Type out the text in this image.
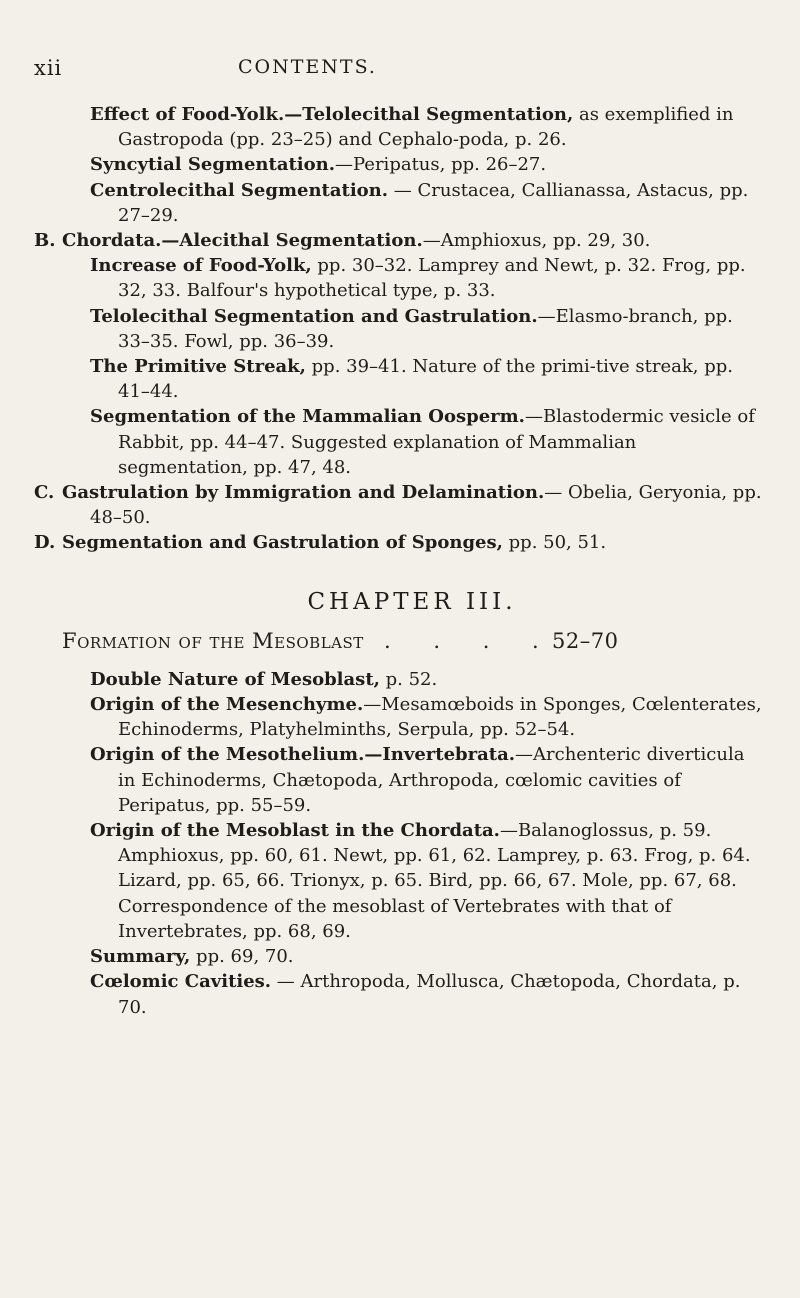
xii	CONTENTS.
Effect of Food-Yolk.—Telolecithal Segmentation, as exemplified in Gastropoda (pp. 23–25) and Cephalo-poda, p. 26.
Syncytial Segmentation.—Peripatus, pp. 26–27.
Centrolecithal Segmentation. — Crustacea, Callianassa, Astacus, pp. 27–29.
B. Chordata.—Alecithal Segmentation.—Amphioxus, pp. 29, 30.
Increase of Food-Yolk, pp. 30–32. Lamprey and Newt, p. 32. Frog, pp. 32, 33. Balfour's hypothetical type, p. 33.
Telolecithal Segmentation and Gastrulation.—Elasmo-branch, pp. 33–35. Fowl, pp. 36–39.
The Primitive Streak, pp. 39–41. Nature of the primi-tive streak, pp. 41–44.
Segmentation of the Mammalian Oosperm.—Blastodermic vesicle of Rabbit, pp. 44–47. Suggested explanation of Mammalian segmentation, pp. 47, 48.
C. Gastrulation by Immigration and Delamination.— Obelia, Geryonia, pp. 48–50.
D. Segmentation and Gastrulation of Sponges, pp. 50, 51.
CHAPTER III.
Formation of the Mesoblast . . . .
52–70
Double Nature of Mesoblast, p. 52.
Origin of the Mesenchyme.—Mesamœboids in Sponges, Cœlenterates, Echinoderms, Platyhelminths, Serpula, pp. 52–54.
Origin of the Mesothelium.—Invertebrata.—Archenteric diverticula in Echinoderms, Chætopoda, Arthropoda, cœlomic cavities of Peripatus, pp. 55–59.
Origin of the Mesoblast in the Chordata.—Balanoglossus, p. 59. Amphioxus, pp. 60, 61. Newt, pp. 61, 62. Lamprey, p. 63. Frog, p. 64. Lizard, pp. 65, 66. Trionyx, p. 65. Bird, pp. 66, 67. Mole, pp. 67, 68. Correspondence of the mesoblast of Vertebrates with that of Invertebrates, pp. 68, 69.
Summary, pp. 69, 70.
Cœlomic Cavities. — Arthropoda, Mollusca, Chætopoda, Chordata, p. 70.
